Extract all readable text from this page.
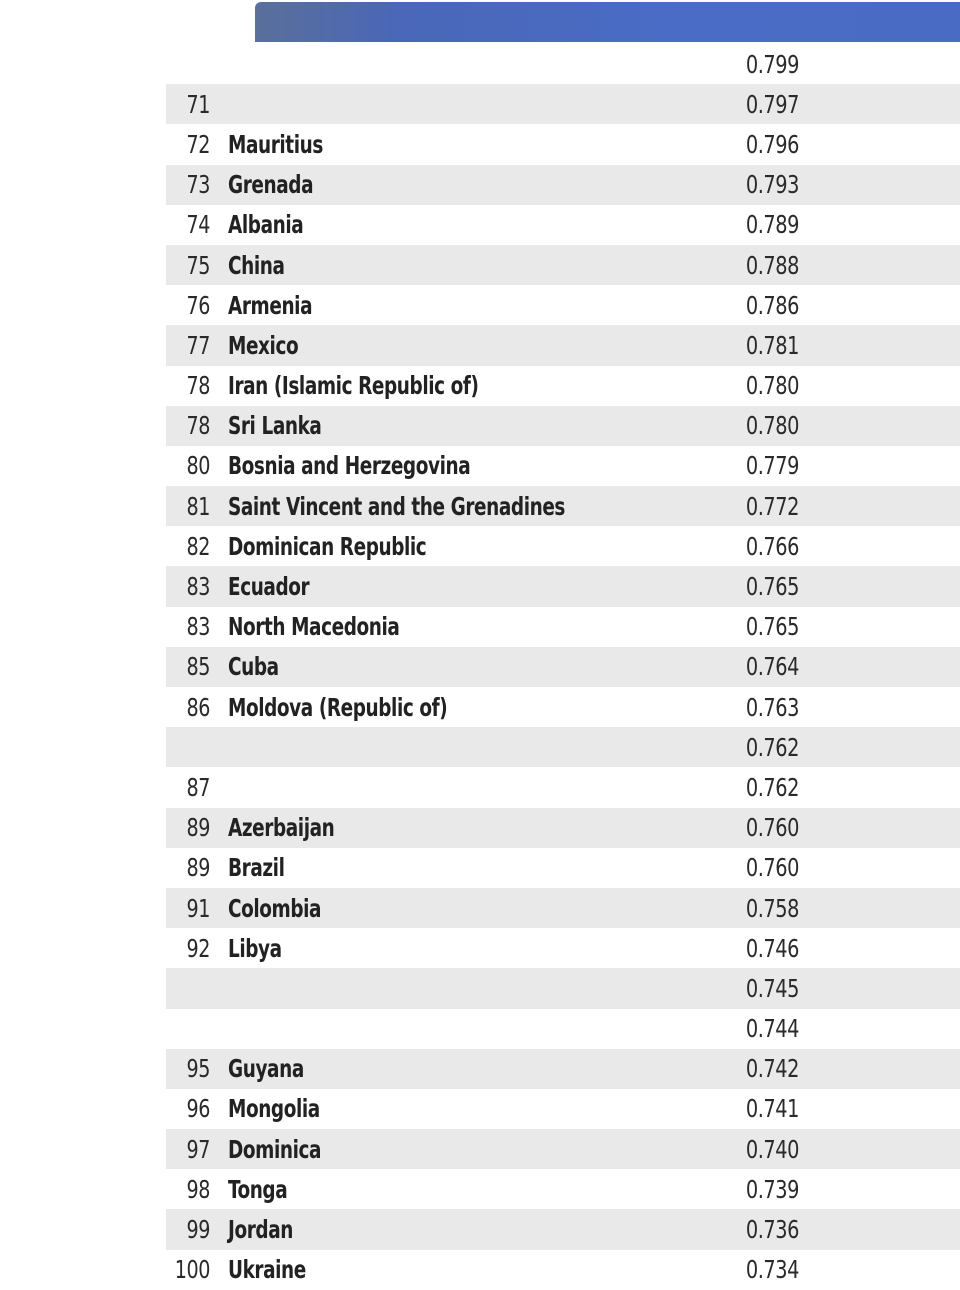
0.799
71	0.797
72 Mauritius	0.796
73 Grenada	0.793
74 Albania	0.789
75 China	0.788
76 Armenia	0.786
77 Mexico	0.781
78 Iran (Islamic Republic of)	0.780
78 Sri Lanka	0.780
80 Bosnia and Herzegovina	0.779
81 Saint Vincent and the Grenadines	0.772
82 Dominican Republic	0.766
83 Ecuador	0.765
83 North Macedonia	0.765
85 Cuba	0.764
86 Moldova (Republic of)	0.763
0.762
87	0.762
89 Azerbaijan	0.760
89 Brazil	0.760
91 Colombia	0.758
92 Libya	0.746
0.745
0.744
95 Guyana	0.742
96 Mongolia	0.741
97 Dominica	0.740
98 Tonga	0.739
99 Jordan	0.736
100 Ukraine	0.734
